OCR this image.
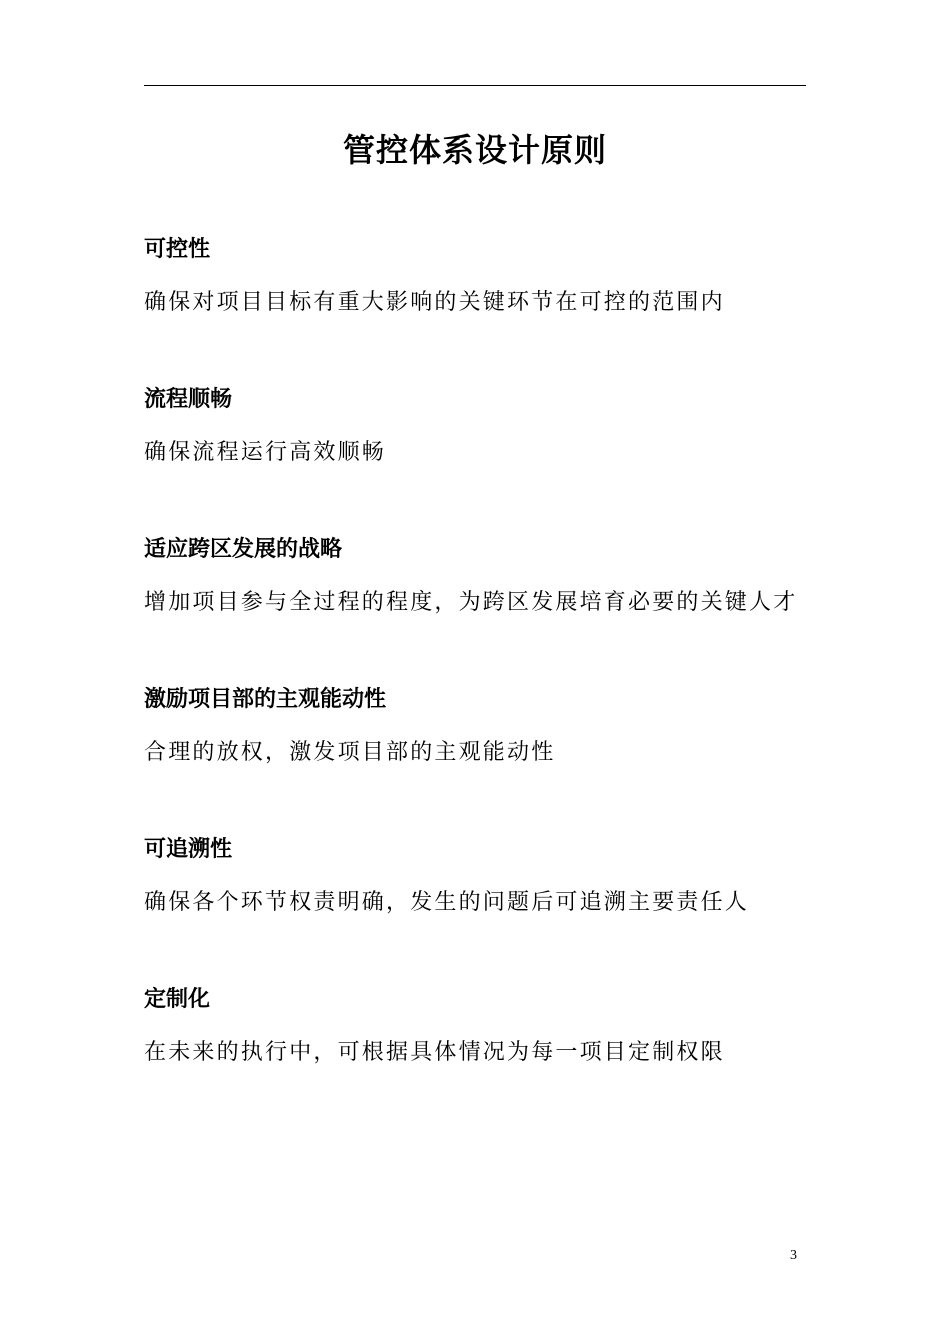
管控体系设计原则
可控性
确保对项目目标有重大影响的关键环节在可控的范围内
流程顺畅
确保流程运行高效顺畅
适应跨区发展的战略
增加项目参与全过程的程度，为跨区发展培育必要的关键人才
激励项目部的主观能动性
合理的放权，激发项目部的主观能动性
可追溯性
确保各个环节权责明确，发生的问题后可追溯主要责任人
定制化
在未来的执行中，可根据具体情况为每一项目定制权限
3
